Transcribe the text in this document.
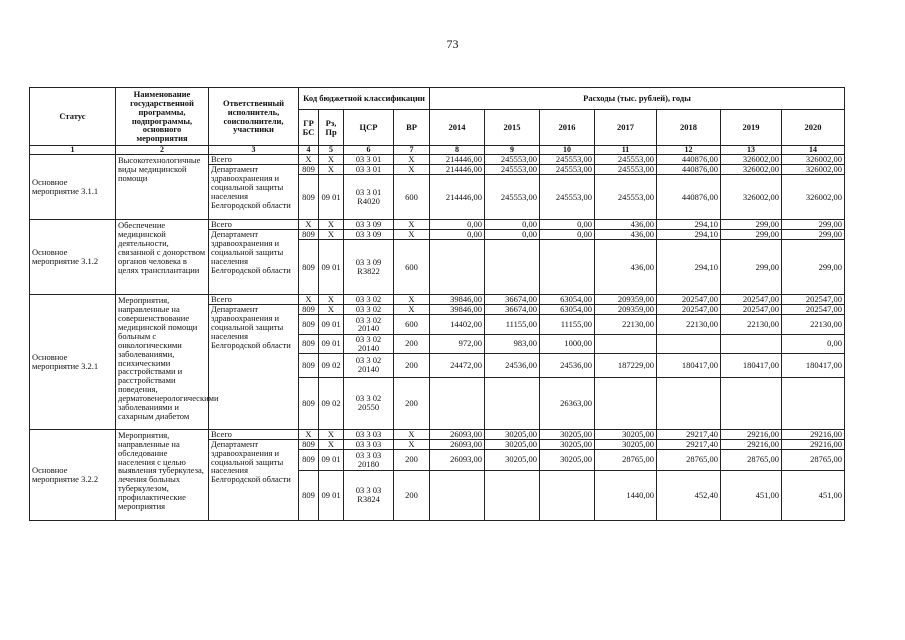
73
Статус	Наименование государственной программы, подпрограммы, основного мероприятия	Ответственный исполнитель, соисполнители, участники	Код бюджетной классификации				Расходы (тыс. рублей), годы						
			ГР БС	Рз, Пр	ЦСР	ВР	2014	2015	2016	2017	2018	2019	2020
1	2	3	4	5	6	7	8	9	10	11	12	13	14
Основное мероприятие 3.1.1	Высокотехнологичные виды медицинской помощи	Всего	Х	Х	03 3 01	Х	214446,00	245553,00	245553,00	245553,00	440876,00	326002,00	326002,00
		Департамент здравоохранения и социальной защиты населения Белгородской области	809	Х	03 3 01	Х	214446,00	245553,00	245553,00	245553,00	440876,00	326002,00	326002,00
			809	09 01	03 3 01 R4020	600	214446,00	245553,00	245553,00	245553,00	440876,00	326002,00	326002,00
Основное мероприятие 3.1.2	Обеспечение медицинской деятельности, связанной с донорством органов человека в целях трансплантации	Всего	Х	Х	03 3 09	Х	0,00	0,00	0,00	436,00	294,10	299,00	299,00
		Департамент здравоохранения и социальной защиты населения Белгородской области	809	Х	03 3 09	Х	0,00	0,00	0,00	436,00	294,10	299,00	299,00
			809	09 01	03 3 09 R3822	600				436,00	294,10	299,00	299,00
Основное мероприятие 3.2.1	Мероприятия, направленные на совершенствование медицинской помощи больным с онкологическими заболеваниями, психическими расстройствами и расстройствами поведения, дерматовенерологическими заболеваниями и сахарным диабетом	Всего	Х	Х	03 3 02	Х	39846,00	36674,00	63054,00	209359,00	202547,00	202547,00	202547,00
		Департамент здравоохранения и социальной защиты населения Белгородской области	809	Х	03 3 02	Х	39846,00	36674,00	63054,00	209359,00	202547,00	202547,00	202547,00
			809	09 01	03 3 02 20140	600	14402,00	11155,00	11155,00	22130,00	22130,00	22130,00	22130,00
			809	09 01	03 3 02 20140	200	972,00	983,00	1000,00				0,00
			809	09 02	03 3 02 20140	200	24472,00	24536,00	24536,00	187229,00	180417,00	180417,00	180417,00
			809	09 02	03 3 02 20550	200			26363,00				
Основное мероприятие 3.2.2	Мероприятия, направленные на обследование населения с целью выявления туберкулеза, лечения больных туберкулезом, профилактические мероприятия	Всего	Х	Х	03 3 03	Х	26093,00	30205,00	30205,00	30205,00	29217,40	29216,00	29216,00
		Департамент здравоохранения и социальной защиты населения Белгородской области	809	Х	03 3 03	Х	26093,00	30205,00	30205,00	30205,00	29217,40	29216,00	29216,00
			809	09 01	03 3 03 20180	200	26093,00	30205,00	30205,00	28765,00	28765,00	28765,00	28765,00
			809	09 01	03 3 03 R3824	200				1440,00	452,40	451,00	451,00
